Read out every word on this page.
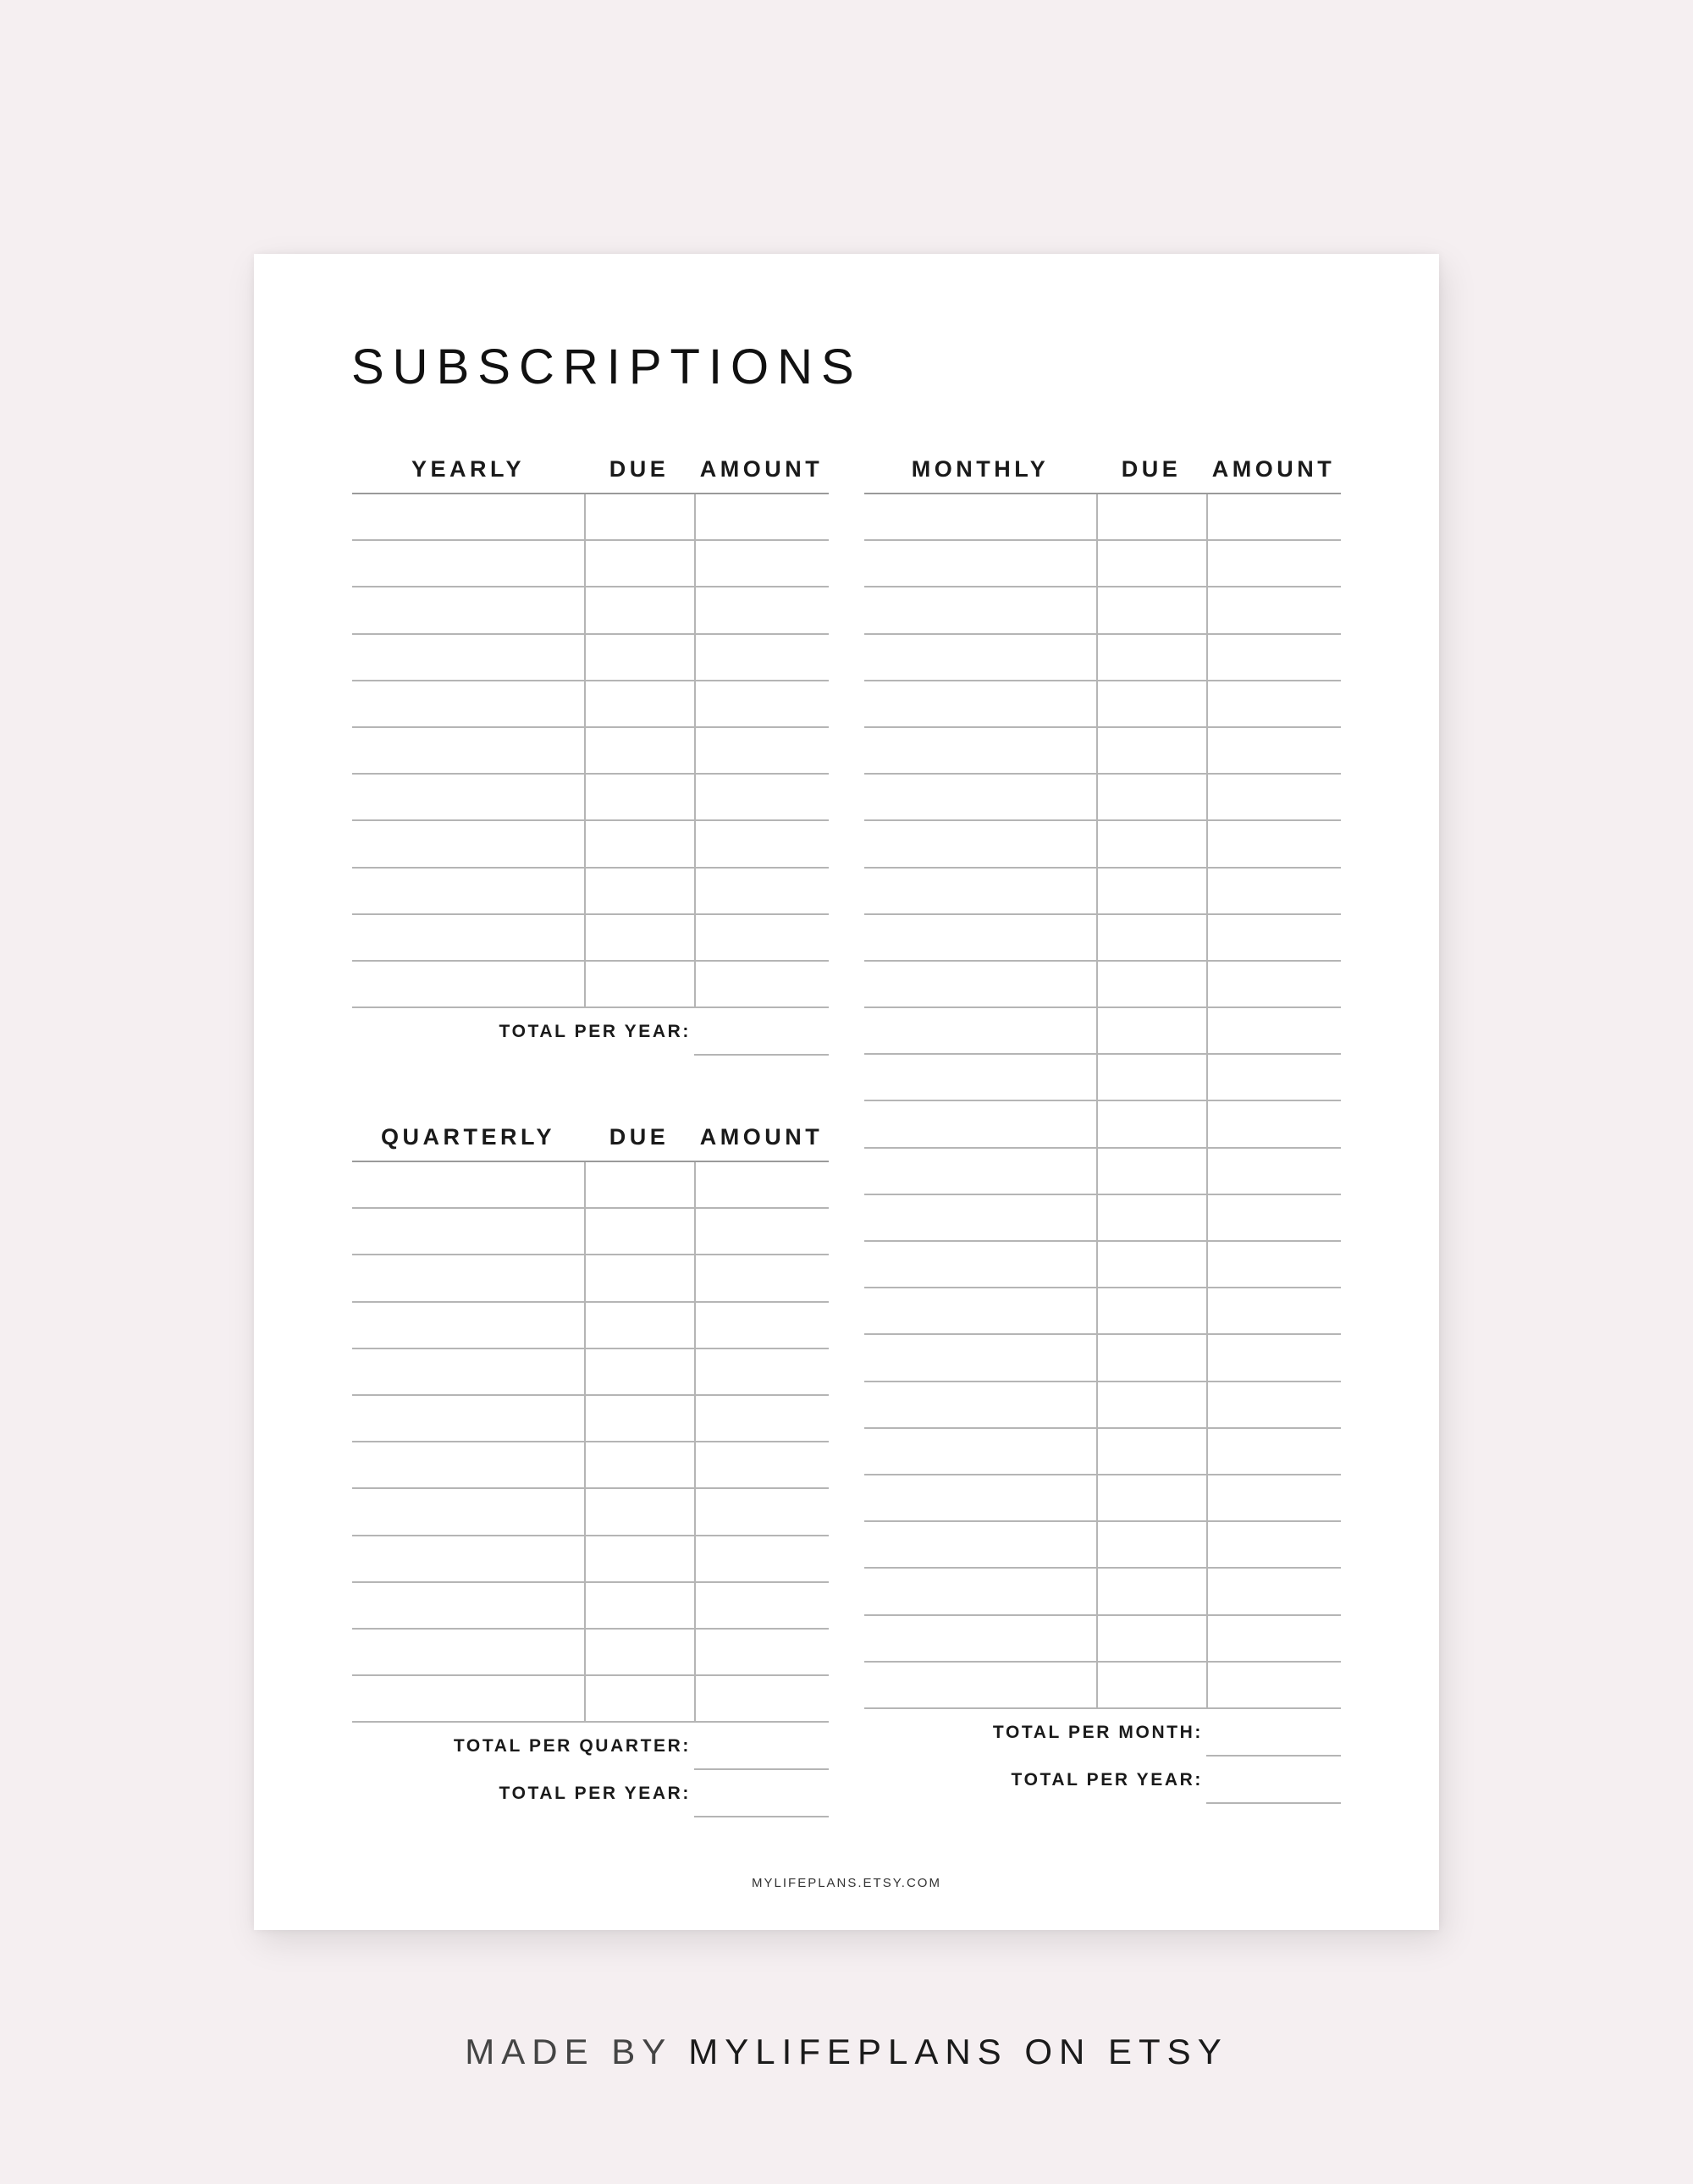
SUBSCRIPTIONS
YEARLY	DUE	AMOUNT
TOTAL PER YEAR:
QUARTERLY	DUE	AMOUNT
TOTAL PER QUARTER:
TOTAL PER YEAR:
MONTHLY	DUE	AMOUNT
TOTAL PER MONTH:
TOTAL PER YEAR:
MYLIFEPLANS.ETSY.COM
MADE BY MYLIFEPLANS ON ETSY
